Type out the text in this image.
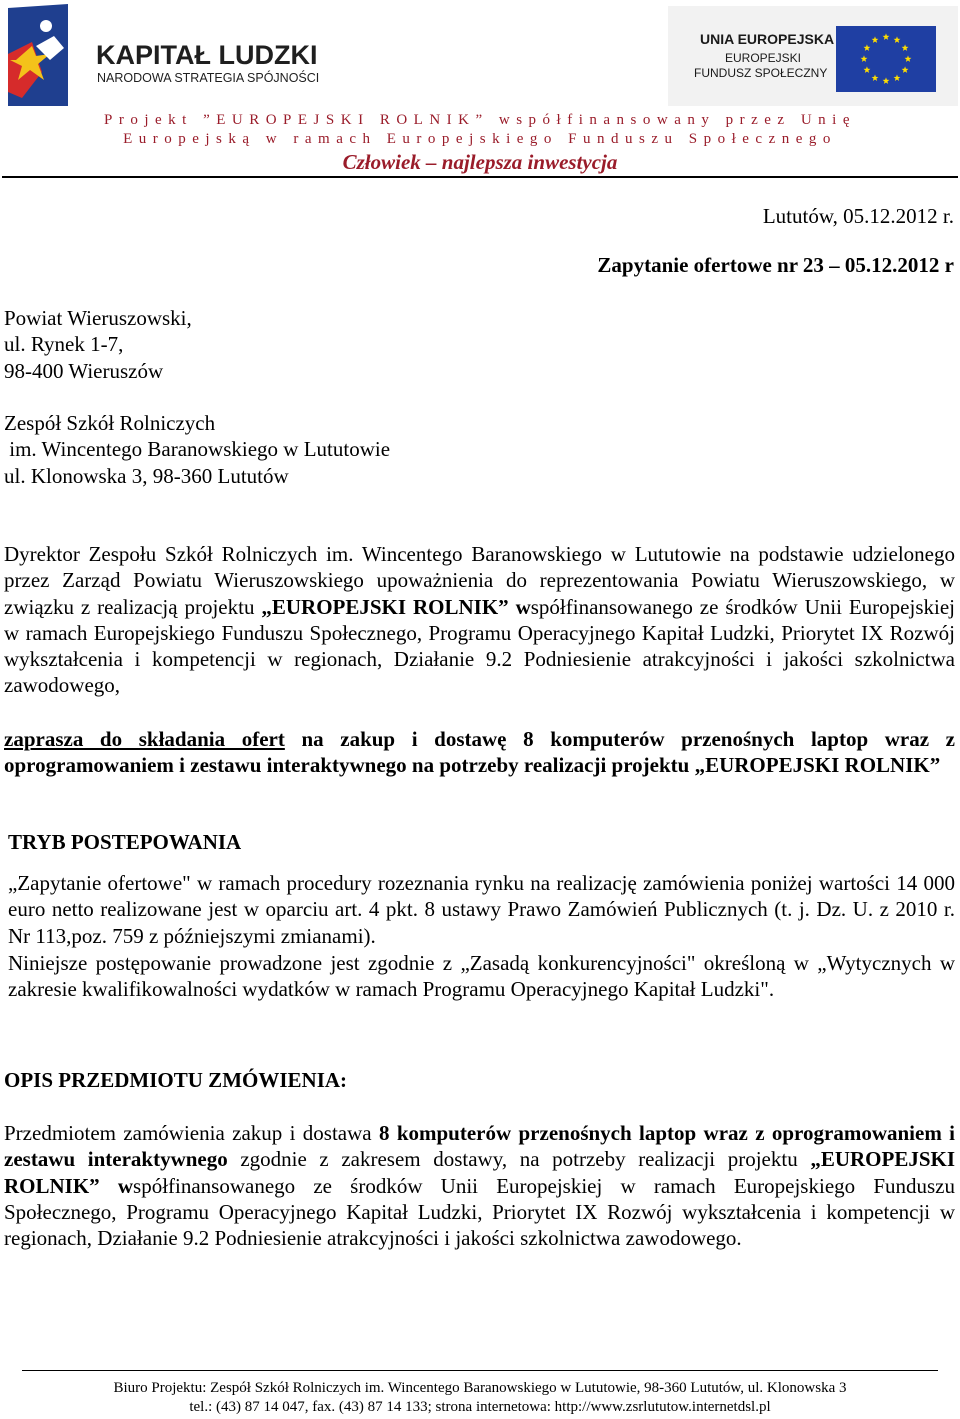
KAPITAŁ LUDZKI
NARODOWA STRATEGIA SPÓJNOŚCI
UNIA EUROPEJSKA
EUROPEJSKI
FUNDUSZ SPOŁECZNY
Projekt ”EUROPEJSKI ROLNIK” współfinansowany przez Unię
Europejską w ramach Europejskiego Funduszu Społecznego
Człowiek – najlepsza inwestycja
Lututów, 05.12.2012 r.
Zapytanie ofertowe nr 23 – 05.12.2012 r
Powiat Wieruszowski,
ul. Rynek 1-7,
98-400 Wieruszów
Zespół Szkół Rolniczych
im. Wincentego Baranowskiego w Lututowie
ul. Klonowska 3, 98-360 Lututów
Dyrektor Zespołu Szkół Rolniczych im. Wincentego Baranowskiego w Lututowie na podstawie udzielonego przez Zarząd Powiatu Wieruszowskiego upoważnienia do reprezentowania Powiatu Wieruszowskiego, w związku z realizacją projektu „EUROPEJSKI ROLNIK” współfinansowanego ze środków Unii Europejskiej w ramach Europejskiego Funduszu Społecznego, Programu Operacyjnego Kapitał Ludzki, Priorytet IX Rozwój wykształcenia i kompetencji w regionach, Działanie 9.2 Podniesienie atrakcyjności i jakości szkolnictwa zawodowego,
zaprasza do składania ofert na zakup i dostawę 8 komputerów przenośnych laptop wraz z oprogramowaniem i zestawu interaktywnego na potrzeby realizacji projektu „EUROPEJSKI ROLNIK”
TRYB POSTEPOWANIA
„Zapytanie ofertowe" w ramach procedury rozeznania rynku na realizację zamówienia poniżej wartości 14 000 euro netto realizowane jest w oparciu art. 4 pkt. 8 ustawy Prawo Zamówień Publicznych (t. j. Dz. U. z 2010 r. Nr 113,poz. 759 z późniejszymi zmianami).
Niniejsze postępowanie prowadzone jest zgodnie z „Zasadą konkurencyjności" określoną w „Wytycznych w zakresie kwalifikowalności wydatków w ramach Programu Operacyjnego Kapitał Ludzki".
OPIS PRZEDMIOTU ZMÓWIENIA:
Przedmiotem zamówienia zakup i dostawa 8 komputerów przenośnych laptop wraz z oprogramowaniem i zestawu interaktywnego zgodnie z zakresem dostawy, na potrzeby realizacji projektu „EUROPEJSKI ROLNIK” współfinansowanego ze środków Unii Europejskiej w ramach Europejskiego Funduszu Społecznego, Programu Operacyjnego Kapitał Ludzki, Priorytet IX Rozwój wykształcenia i kompetencji w regionach, Działanie 9.2 Podniesienie atrakcyjności i jakości szkolnictwa zawodowego.
Biuro Projektu: Zespół Szkół Rolniczych im. Wincentego Baranowskiego w Lututowie, 98-360 Lututów, ul. Klonowska 3
tel.: (43) 87 14 047, fax. (43) 87 14 133; strona internetowa: http://www.zsrlututow.internetdsl.pl
